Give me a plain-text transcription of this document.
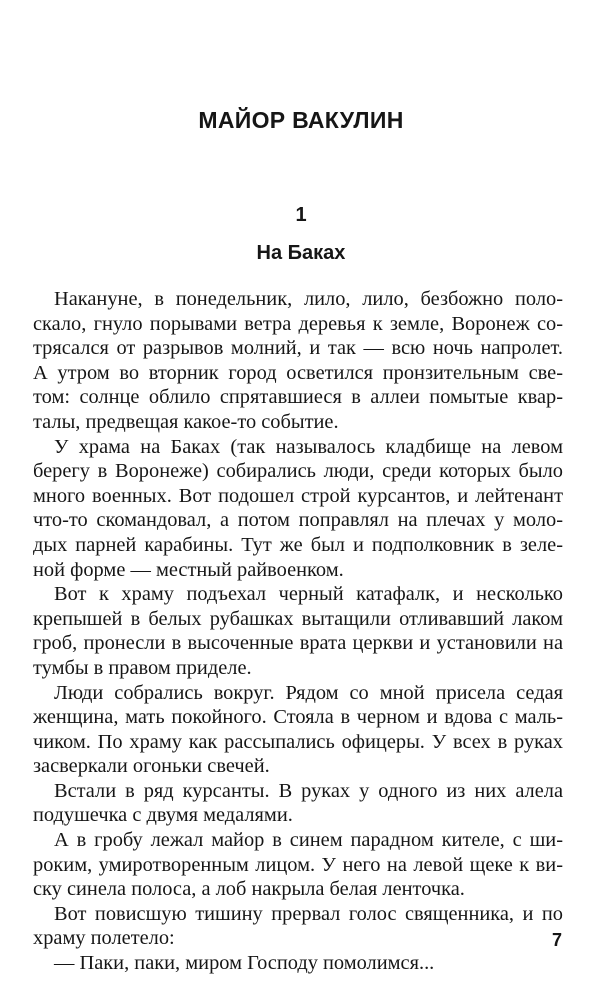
МАЙОР ВАКУЛИН
1
На Баках

Накануне, в понедельник, лило, лило, безбожно поло-
скало, гнуло порывами ветра деревья к земле, Воронеж со-
трясался от разрывов молний, и так — всю ночь напролет.
А утром во вторник город осветился пронзительным све-
том: солнце облило спрятавшиеся в аллеи помытые квар-
талы, предвещая какое-то событие.

У храма на Баках (так называлось кладбище на левом
берегу в Воронеже) собирались люди, среди которых было
много военных. Вот подошел строй курсантов, и лейтенант
что-то скомандовал, а потом поправлял на плечах у моло-
дых парней карабины. Тут же был и подполковник в зеле-
ной форме — местный райвоенком.

Вот к храму подъехал черный катафалк, и несколько
крепышей в белых рубашках вытащили отливавший лаком
гроб, пронесли в высоченные врата церкви и установили на
тумбы в правом приделе.

Люди собрались вокруг. Рядом со мной присела седая
женщина, мать покойного. Стояла в черном и вдова с маль-
чиком. По храму как рассыпались офицеры. У всех в руках
засверкали огоньки свечей.

Встали в ряд курсанты. В руках у одного из них алела
подушечка с двумя медалями.

А в гробу лежал майор в синем парадном кителе, с ши-
роким, умиротворенным лицом. У него на левой щеке к ви-
ску синела полоса, а лоб накрыла белая ленточка.

Вот повисшую тишину прервал голос священника, и по
храму полетело:

— Паки, паки, миром Господу помолимся...

7
